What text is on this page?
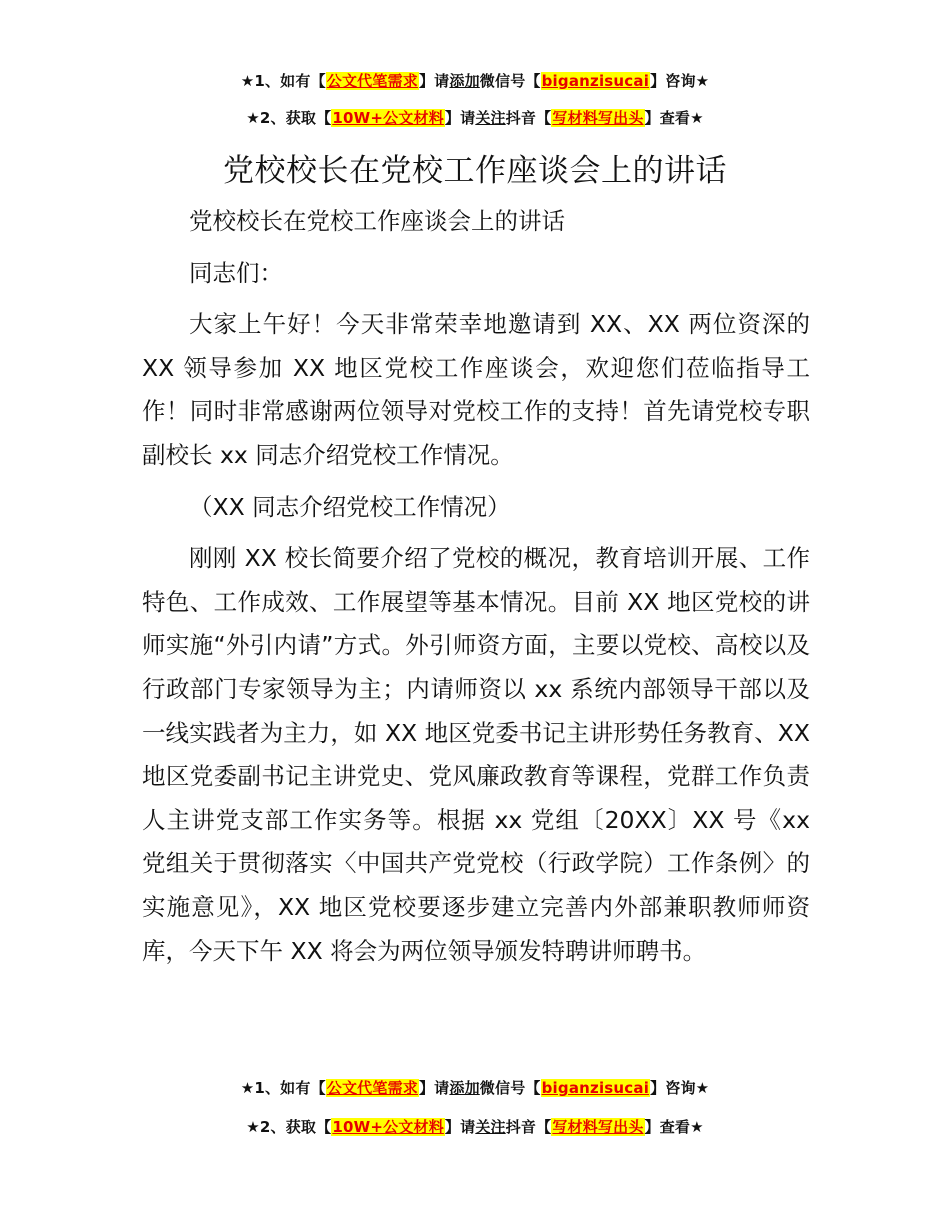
★1、如有【公文代笔需求】请添加微信号【biganzisucai】咨询★
★2、获取【10W+公文材料】请关注抖音【写材料写出头】查看★
党校校长在党校工作座谈会上的讲话

党校校长在党校工作座谈会上的讲话

同志们：

大家上午好！今天非常荣幸地邀请到 XX、XX 两位资深的 XX 领导参加 XX 地区党校工作座谈会，欢迎您们莅临指导工作！同时非常感谢两位领导对党校工作的支持！首先请党校专职副校长 xx 同志介绍党校工作情况。

（XX 同志介绍党校工作情况）

刚刚 XX 校长简要介绍了党校的概况，教育培训开展、工作特色、工作成效、工作展望等基本情况。目前 XX 地区党校的讲师实施“外引内请”方式。外引师资方面，主要以党校、高校以及行政部门专家领导为主；内请师资以 xx 系统内部领导干部以及一线实践者为主力，如 XX 地区党委书记主讲形势任务教育、XX 地区党委副书记主讲党史、党风廉政教育等课程，党群工作负责人主讲党支部工作实务等。根据 xx 党组〔20XX〕XX 号《xx 党组关于贯彻落实〈中国共产党党校（行政学院）工作条例〉的实施意见》，XX 地区党校要逐步建立完善内外部兼职教师师资库，今天下午 XX 将会为两位领导颁发特聘讲师聘书。

★1、如有【公文代笔需求】请添加微信号【biganzisucai】咨询★
★2、获取【10W+公文材料】请关注抖音【写材料写出头】查看★
